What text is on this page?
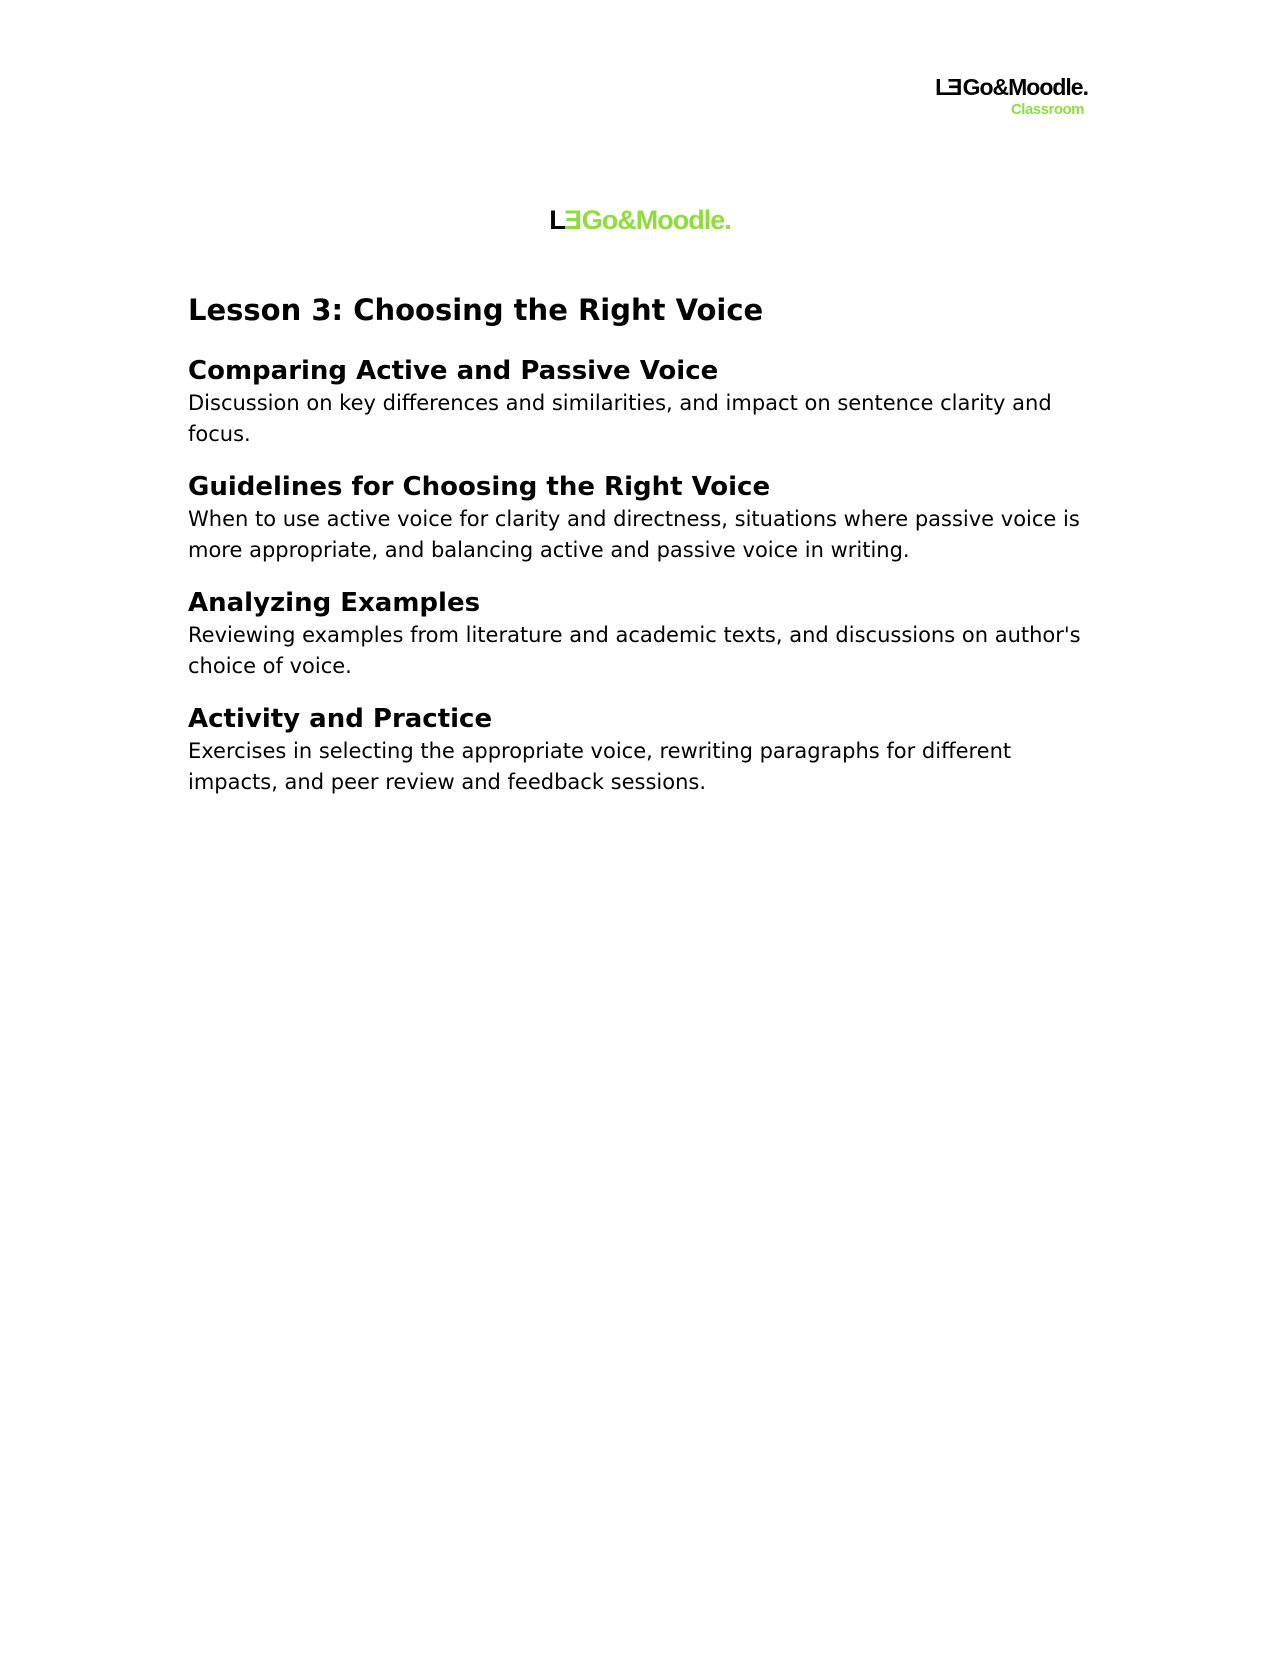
LEGo&Moodle.
Classroom
LEGo&Moodle.
Lesson 3: Choosing the Right Voice
Comparing Active and Passive Voice

Discussion on key differences and similarities, and impact on sentence clarity and focus.

Guidelines for Choosing the Right Voice

When to use active voice for clarity and directness, situations where passive voice is more appropriate, and balancing active and passive voice in writing.

Analyzing Examples

Reviewing examples from literature and academic texts, and discussions on author's choice of voice.

Activity and Practice

Exercises in selecting the appropriate voice, rewriting paragraphs for different impacts, and peer review and feedback sessions.
